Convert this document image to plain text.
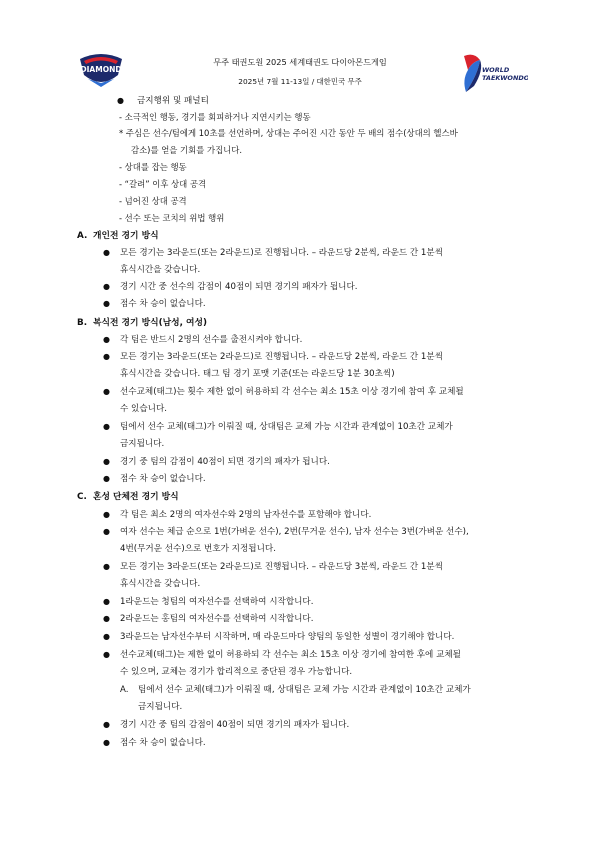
DIAMOND
무주 태권도원 2025 세계태권도 다이아몬드게임
2025년 7월 11-13일 / 대한민국 무주
WORLD
TAEKWONDO
● 금지행위 및 패널티
- 소극적인 행동, 경기를 회피하거나 지연시키는 행동
* 주심은 선수/팀에게 10초를 선언하며, 상대는 주어진 시간 동안 두 배의 점수(상대의 헬스바
감소)를 얻을 기회를 가집니다.
- 상대를 잡는 행동
- “갈려” 이후 상대 공격
- 넘어진 상대 공격
- 선수 또는 코치의 위법 행위
A. 개인전 경기 방식
● 모든 경기는 3라운드(또는 2라운드)로 진행됩니다. – 라운드당 2분씩, 라운드 간 1분씩
휴식시간을 갖습니다.
● 경기 시간 중 선수의 감점이 40점이 되면 경기의 패자가 됩니다.
● 점수 차 승이 없습니다.
B. 복식전 경기 방식(남성, 여성)
● 각 팀은 반드시 2명의 선수를 출전시켜야 합니다.
● 모든 경기는 3라운드(또는 2라운드)로 진행됩니다. – 라운드당 2분씩, 라운드 간 1분씩
휴식시간을 갖습니다. 태그 팀 경기 포맷 기준(또는 라운드당 1분 30초씩)
● 선수교체(태그)는 횟수 제한 없이 허용하되 각 선수는 최소 15초 이상 경기에 참여 후 교체될
수 있습니다.
● 팀에서 선수 교체(태그)가 이뤄질 때, 상대팀은 교체 가능 시간과 관계없이 10초간 교체가
금지됩니다.
● 경기 중 팀의 감점이 40점이 되면 경기의 패자가 됩니다.
● 점수 차 승이 없습니다.
C. 혼성 단체전 경기 방식
● 각 팀은 최소 2명의 여자선수와 2명의 남자선수를 포함해야 합니다.
● 여자 선수는 체급 순으로 1번(가벼운 선수), 2번(무거운 선수), 남자 선수는 3번(가벼운 선수),
4번(무거운 선수)으로 번호가 지정됩니다.
● 모든 경기는 3라운드(또는 2라운드)로 진행됩니다. – 라운드당 3분씩, 라운드 간 1분씩
휴식시간을 갖습니다.
● 1라운드는 청팀의 여자선수를 선택하여 시작합니다.
● 2라운드는 홍팀의 여자선수를 선택하여 시작합니다.
● 3라운드는 남자선수부터 시작하며, 매 라운드마다 양팀의 동일한 성별이 경기해야 합니다.
● 선수교체(태그)는 제한 없이 허용하되 각 선수는 최소 15초 이상 경기에 참여한 후에 교체될
수 있으며, 교체는 경기가 합리적으로 중단된 경우 가능합니다.
A. 팀에서 선수 교체(태그)가 이뤄질 때, 상대팀은 교체 가능 시간과 관계없이 10초간 교체가
금지됩니다.
● 경기 시간 중 팀의 감점이 40점이 되면 경기의 패자가 됩니다.
● 점수 차 승이 없습니다.
